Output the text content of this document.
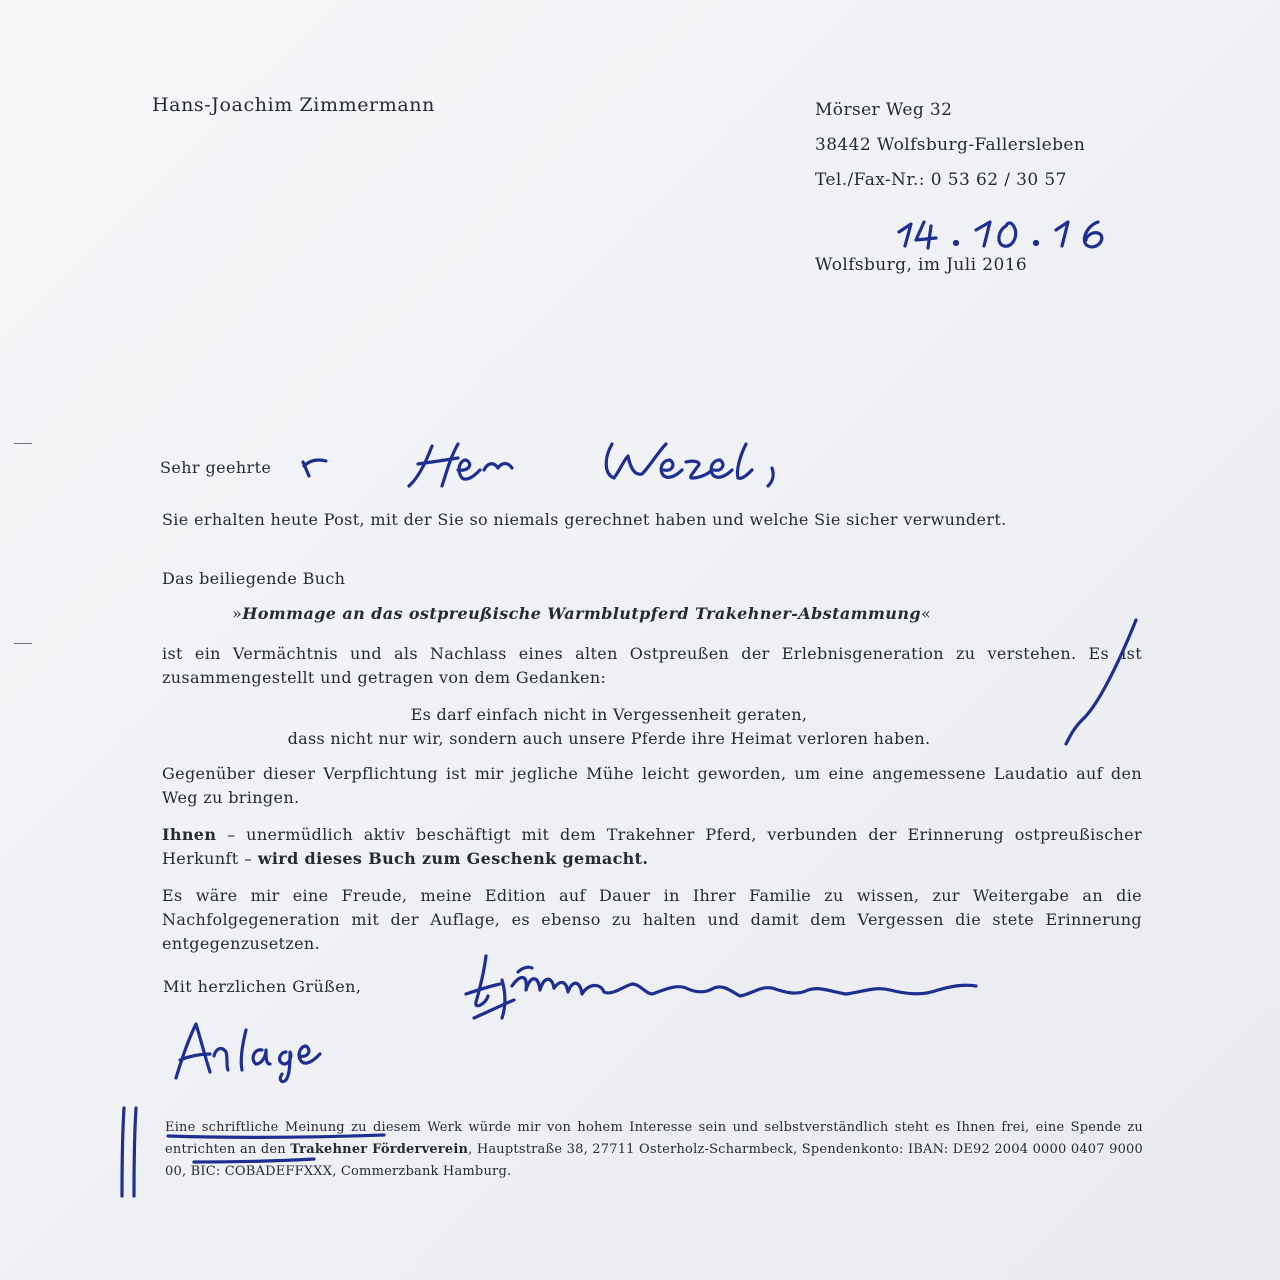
Hans-Joachim Zimmermann	Mörser Weg 32

38442 Wolfsburg-Fallersleben

Tel./Fax-Nr.: 0 53 62 / 30 57

Wolfsburg, im Juli 2016

Sehr geehrte

Sie erhalten heute Post, mit der Sie so niemals gerechnet haben und welche Sie sicher verwundert.

Das beiliegende Buch

»Hommage an das ostpreußische Warmblutpferd Trakehner-Abstammung«

ist ein Vermächtnis und als Nachlass eines alten Ostpreußen der Erlebnisgeneration zu verstehen. Es ist zusammengestellt und getragen von dem Gedanken:

Es darf einfach nicht in Vergessenheit geraten,
dass nicht nur wir, sondern auch unsere Pferde ihre Heimat verloren haben.

Gegenüber dieser Verpflichtung ist mir jegliche Mühe leicht geworden, um eine angemessene Laudatio auf den Weg zu bringen.

Ihnen – unermüdlich aktiv beschäftigt mit dem Trakehner Pferd, verbunden der Erinnerung ostpreußischer Herkunft – wird dieses Buch zum Geschenk gemacht.

Es wäre mir eine Freude, meine Edition auf Dauer in Ihrer Familie zu wissen, zur Weitergabe an die Nachfolgegeneration mit der Auflage, es ebenso zu halten und damit dem Vergessen die stete Erinnerung entgegenzusetzen.

Mit herzlichen Grüßen,

Eine schriftliche Meinung zu diesem Werk würde mir von hohem Interesse sein und selbstverständlich steht es Ihnen frei, eine Spende zu entrichten an den Trakehner Förderverein, Hauptstraße 38, 27711 Osterholz-Scharmbeck, Spendenkonto: IBAN: DE92 2004 0000 0407 9000 00, BIC: COBADEFFXXX, Commerzbank Hamburg.
